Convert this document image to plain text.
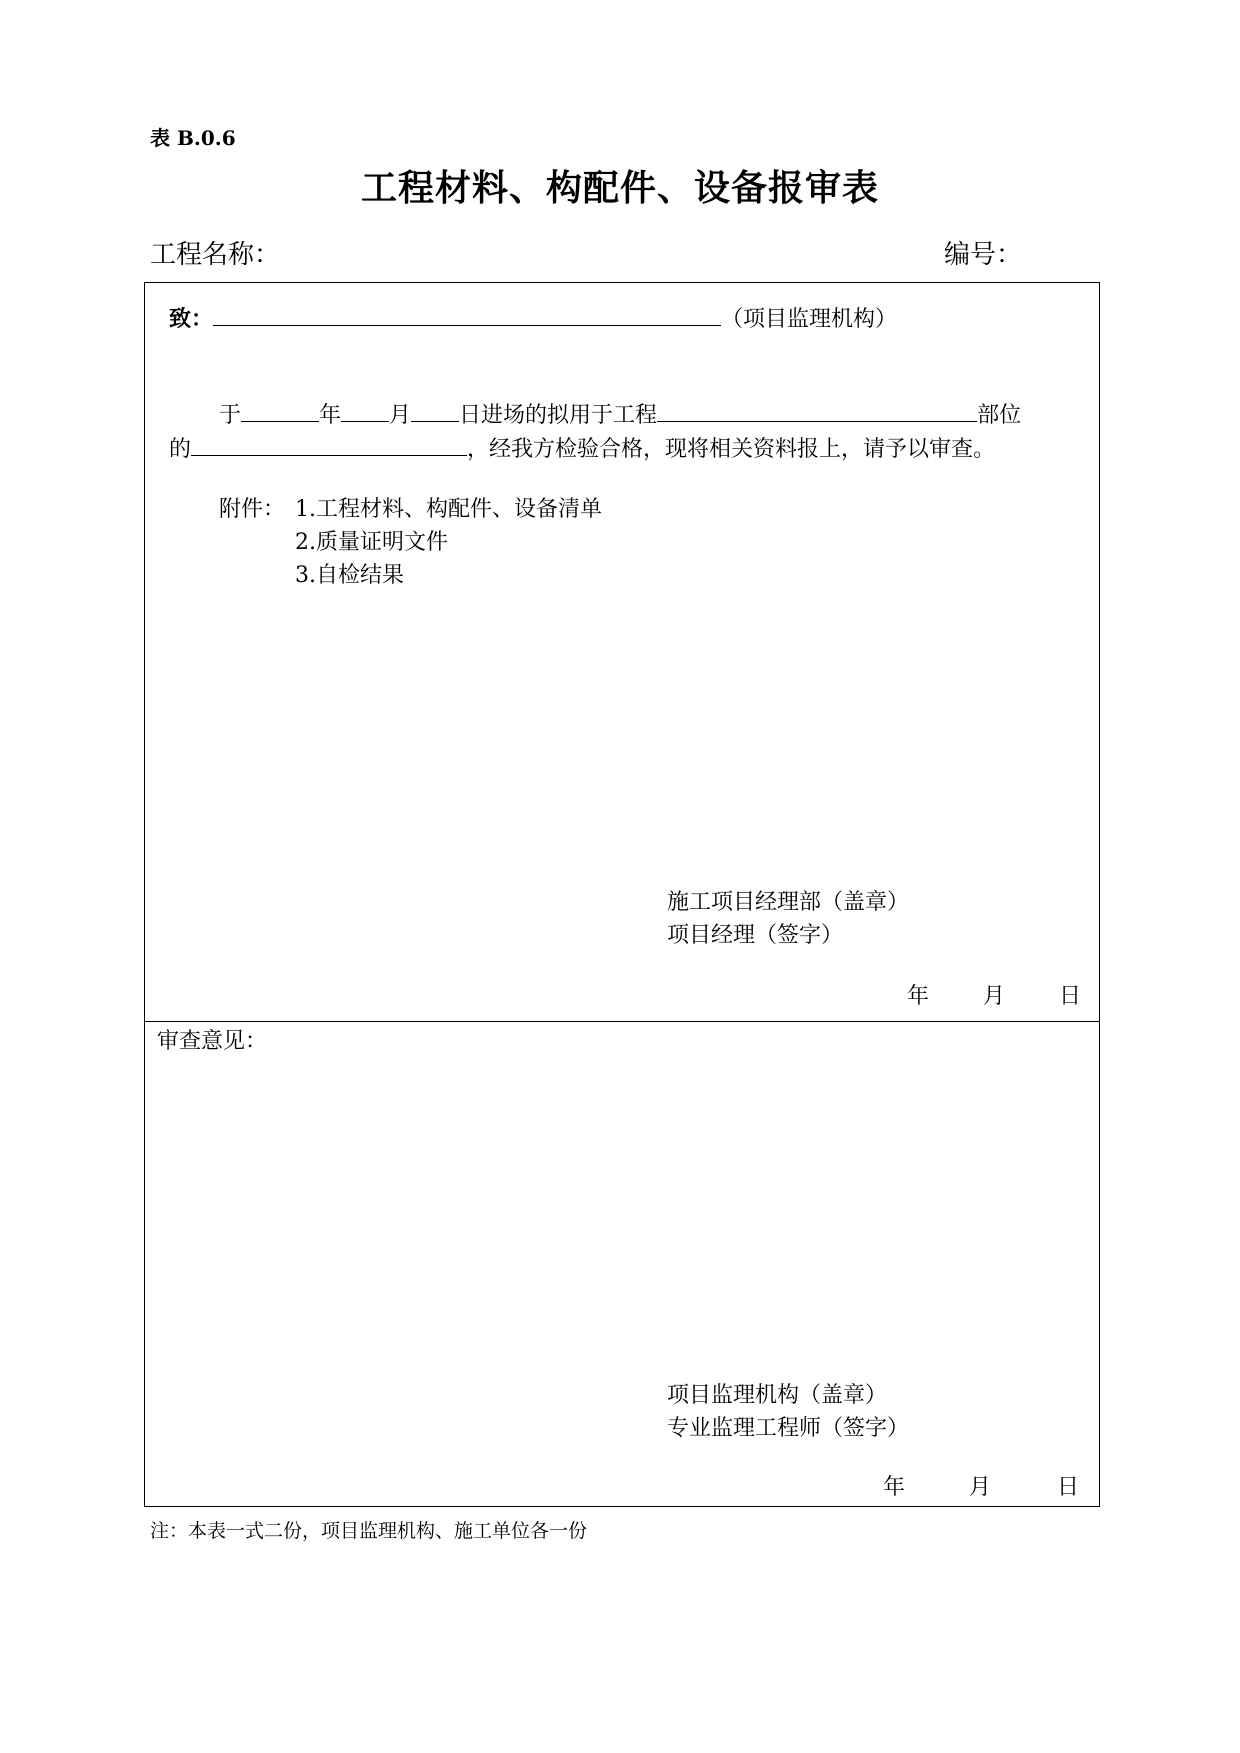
表 B.0.6
工程材料、构配件、设备报审表
工程名称：	编号：
致：	（项目监理机构）
于	年 月 日进场的拟用于工程	部位
的	，经我方检验合格，现将相关资料报上，请予以审查。
附件： 1.工程材料、构配件、设备清单
2.质量证明文件
3.自检结果
施工项目经理部（盖章）
项目经理（签字）
年 月 日
审查意见：
项目监理机构（盖章）
专业监理工程师（签字）
年	月	日
注：本表一式二份，项目监理机构、施工单位各一份
